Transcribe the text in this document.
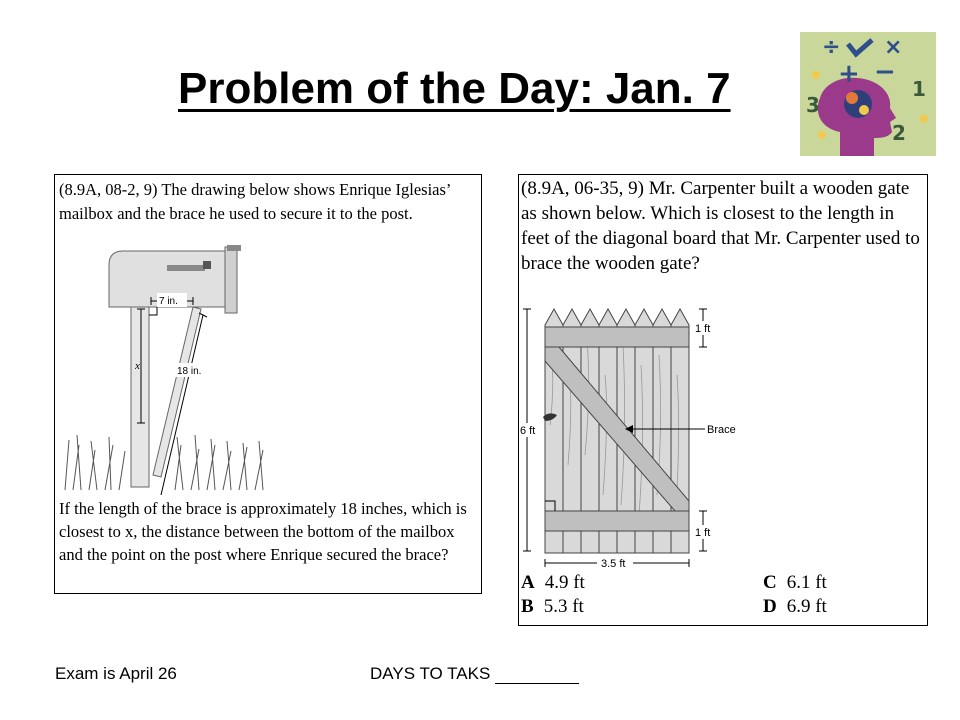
Problem of the Day: Jan. 7
÷ ×
+ −
3
1
2
✸
✸
✸
(8.9A, 08-2, 9) The drawing below shows Enrique Iglesias’ mailbox and the brace he used to secure it to the post.
7 in.
x	18 in.
If the length of the brace is approximately 18 inches, which is closest to x, the distance between the bottom of the mailbox and the point on the post where Enrique secured the brace?
(8.9A, 06-35, 9) Mr. Carpenter built a wooden gate as shown below. Which is closest to the length in feet of the diagonal board that Mr. Carpenter used to brace the wooden gate?
6 ft	Brace
1 ft
1 ft
3.5 ft
A 4.9 ft
B 5.3 ft
C 6.1 ft
D 6.9 ft
Exam is April 26	DAYS TO TAKS
